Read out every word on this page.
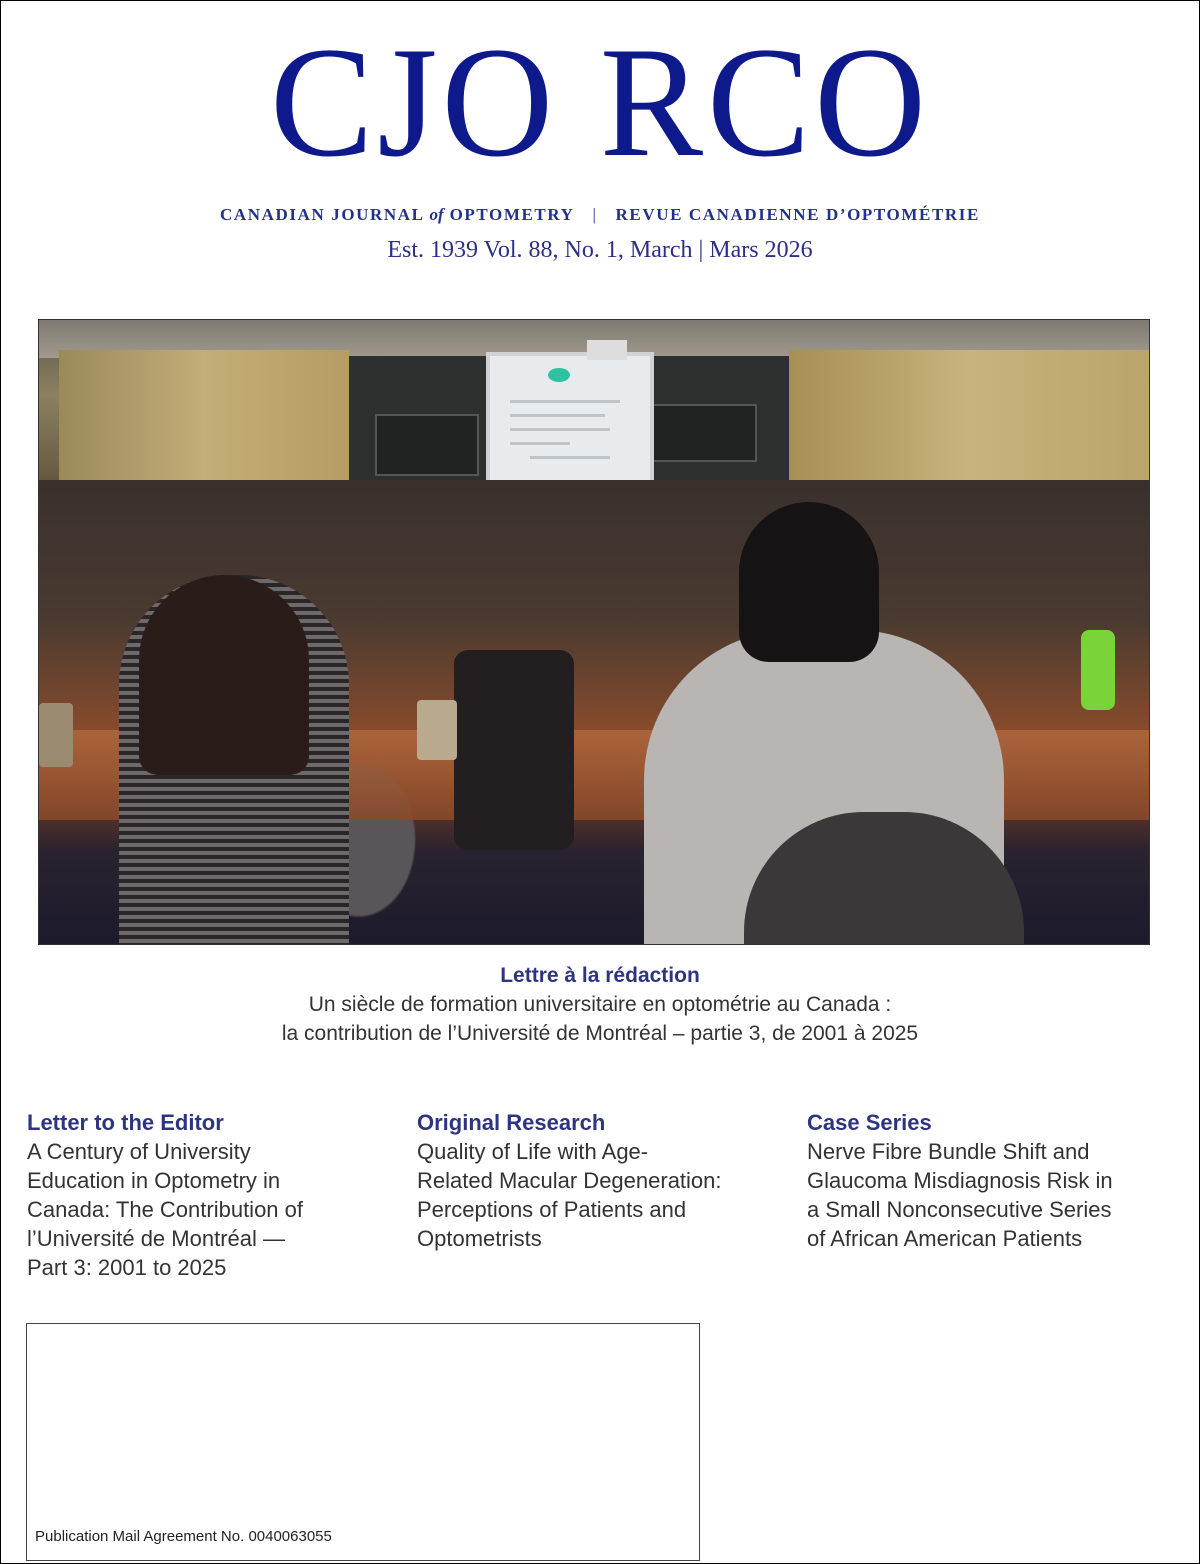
CJO RCO
CANADIAN JOURNAL of OPTOMETRY | REVUE CANADIENNE D’OPTOMÉTRIE
Est. 1939 Vol. 88, No. 1, March | Mars 2026
Lettre à la rédaction
Un siècle de formation universitaire en optométrie au Canada :
la contribution de l’Université de Montréal – partie 3, de 2001 à 2025
Letter to the Editor
A Century of University
Education in Optometry in
Canada: The Contribution of
l’Université de Montréal —
Part 3: 2001 to 2025
Original Research
Quality of Life with Age-
Related Macular Degeneration:
Perceptions of Patients and
Optometrists
Case Series
Nerve Fibre Bundle Shift and
Glaucoma Misdiagnosis Risk in
a Small Nonconsecutive Series
of African American Patients
Publication Mail Agreement No. 0040063055
